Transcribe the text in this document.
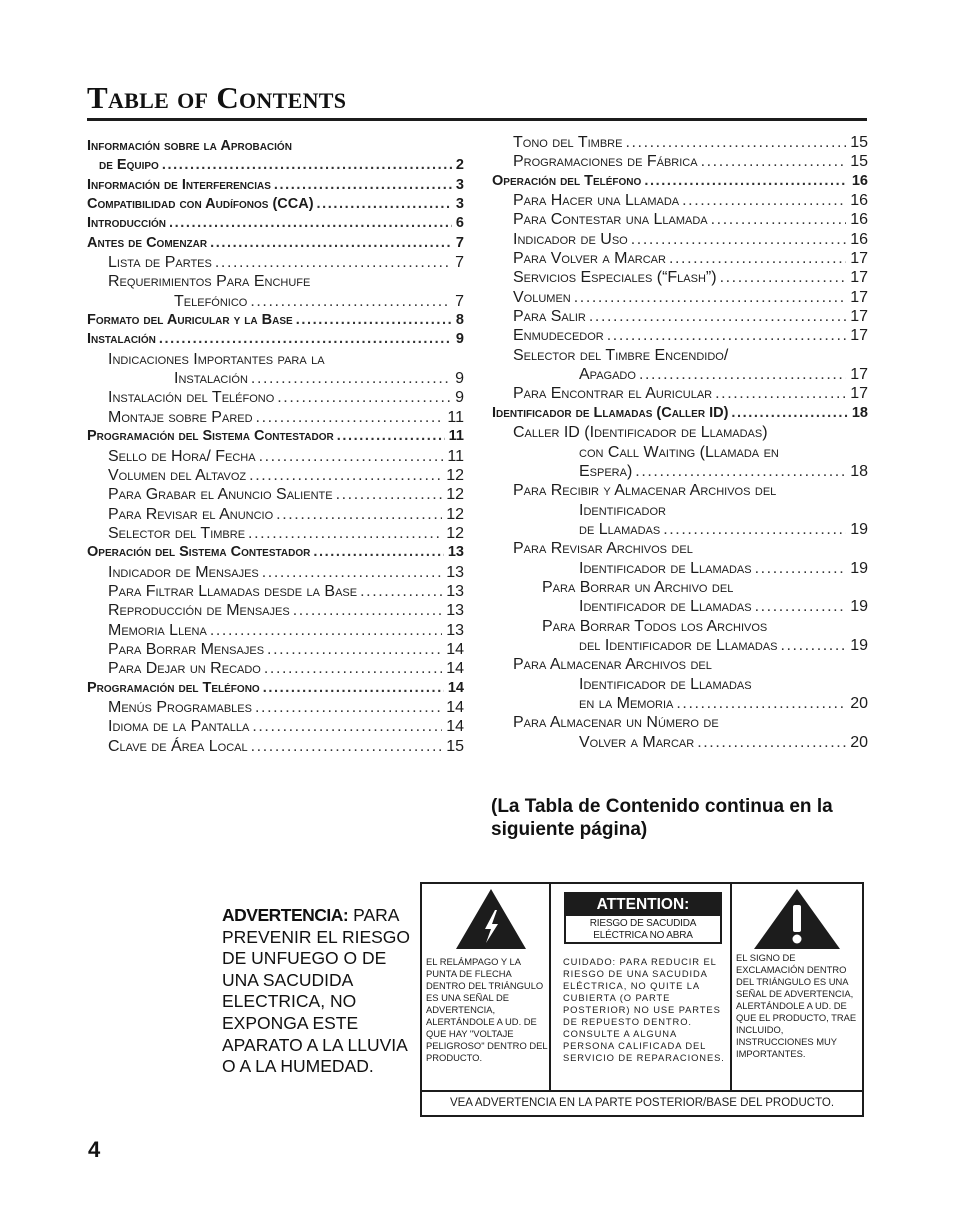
Table of Contents
Información sobre la Aprobación
de Equipo .....	2
Información de Interferencias .....	3
Compatibilidad con Audífonos (CCA) .....	3
Introducción .....	6
Antes de Comenzar .....	7
Lista de Partes .....	7
Requerimientos Para Enchufe
Telefónico .....	7
Formato del Auricular y la Base .....	8
Instalación .....	9
Indicaciones Importantes para la
Instalación .....	9
Instalación del Teléfono .....	9
Montaje sobre Pared .....	11
Programación del Sistema Contestador .....	11
Sello de Hora/ Fecha .....	11
Volumen del Altavoz .....	12
Para Grabar el Anuncio Saliente .....	12
Para Revisar el Anuncio .....	12
Selector del Timbre .....	12
Operación del Sistema Contestador .....	13
Indicador de Mensajes .....	13
Para Filtrar Llamadas desde la Base .....	13
Reproducción de Mensajes .....	13
Memoria Llena .....	13
Para Borrar Mensajes .....	14
Para Dejar un Recado .....	14
Programación del Teléfono .....	14
Menús Programables .....	14
Idioma de la Pantalla .....	14
Clave de Área Local .....	15
Tono del Timbre .....	15
Programaciones de Fábrica .....	15
Operación del Teléfono .....	16
Para Hacer una Llamada .....	16
Para Contestar una Llamada .....	16
Indicador de Uso .....	16
Para Volver a Marcar .....	17
Servicios Especiales (“Flash”) .....	17
Volumen .....	17
Para Salir .....	17
Enmudecedor .....	17
Selector del Timbre Encendido/
Apagado .....	17
Para Encontrar el Auricular .....	17
Identificador de Llamadas (Caller ID) .....	18
Caller ID (Identificador de Llamadas)
con Call Waiting (Llamada en
Espera) .....	18
Para Recibir y Almacenar Archivos del
Identificador
de Llamadas .....	19
Para Revisar Archivos del
Identificador de Llamadas .....	19
Para Borrar un Archivo del
Identificador de Llamadas .....	19
Para Borrar Todos los Archivos
del Identificador de Llamadas .....	19
Para Almacenar Archivos del
Identificador de Llamadas
en la Memoria .....	20
Para Almacenar un Número de
Volver a Marcar .....	20

(La Tabla de Contenido continua en la siguiente página)

ADVERTENCIA: PARA PREVENIR EL RIESGO DE UNFUEGO O DE UNA SACUDIDA ELECTRICA, NO EXPONGA ESTE APARATO A LA LLUVIA O A LA HUMEDAD.

EL RELÁMPAGO Y LA PUNTA DE FLECHA DENTRO DEL TRIÁNGULO ES UNA SEÑAL DE ADVERTENCIA, ALERTÁNDOLE A UD. DE QUE HAY "VOLTAJE PELIGROSO" DENTRO DEL PRODUCTO.

ATTENTION:
RIESGO DE SACUDIDA ELÉCTRICA NO ABRA

CUIDADO: PARA REDUCIR EL RIESGO DE UNA SACUDIDA ELÉCTRICA, NO QUITE LA CUBIERTA (O PARTE POSTERIOR) NO USE PARTES DE REPUESTO DENTRO. CONSULTE A ALGUNA PERSONA CALIFICADA DEL SERVICIO DE REPARACIONES.

EL SIGNO DE EXCLAMACIÓN DENTRO DEL TRIÁNGULO ES UNA SEÑAL DE ADVERTENCIA, ALERTÁNDOLE A UD. DE QUE EL PRODUCTO, TRAE INCLUIDO, INSTRUCCIONES MUY IMPORTANTES.

VEA ADVERTENCIA EN LA PARTE POSTERIOR/BASE DEL PRODUCTO.

4
